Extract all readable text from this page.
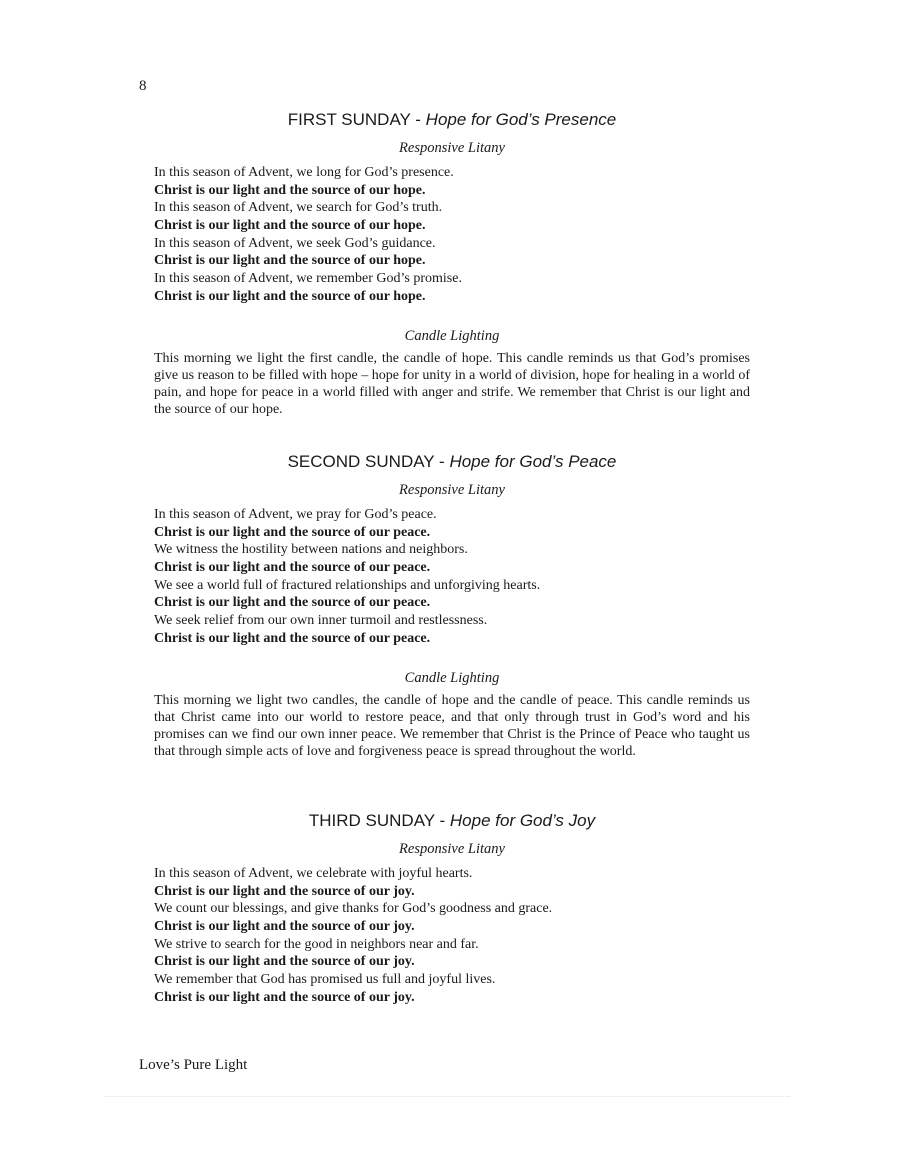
8
FIRST SUNDAY - Hope for God’s Presence
Responsive Litany
In this season of Advent, we long for God’s presence.
Christ is our light and the source of our hope.
In this season of Advent, we search for God’s truth.
Christ is our light and the source of our hope.
In this season of Advent, we seek God’s guidance.
Christ is our light and the source of our hope.
In this season of Advent, we remember God’s promise.
Christ is our light and the source of our hope.
Candle Lighting
This morning we light the first candle, the candle of hope. This candle reminds us that God’s promises give us reason to be filled with hope – hope for unity in a world of division, hope for healing in a world of pain, and hope for peace in a world filled with anger and strife. We remember that Christ is our light and the source of our hope.
SECOND SUNDAY - Hope for God’s Peace
Responsive Litany
In this season of Advent, we pray for God’s peace.
Christ is our light and the source of our peace.
We witness the hostility between nations and neighbors.
Christ is our light and the source of our peace.
We see a world full of fractured relationships and unforgiving hearts.
Christ is our light and the source of our peace.
We seek relief from our own inner turmoil and restlessness.
Christ is our light and the source of our peace.
Candle Lighting
This morning we light two candles, the candle of hope and the candle of peace. This candle reminds us that Christ came into our world to restore peace, and that only through trust in God’s word and his promises can we find our own inner peace. We remember that Christ is the Prince of Peace who taught us that through simple acts of love and forgiveness peace is spread throughout the world.
THIRD SUNDAY - Hope for God’s Joy
Responsive Litany
In this season of Advent, we celebrate with joyful hearts.
Christ is our light and the source of our joy.
We count our blessings, and give thanks for God’s goodness and grace.
Christ is our light and the source of our joy.
We strive to search for the good in neighbors near and far.
Christ is our light and the source of our joy.
We remember that God has promised us full and joyful lives.
Christ is our light and the source of our joy.
Love’s Pure Light
